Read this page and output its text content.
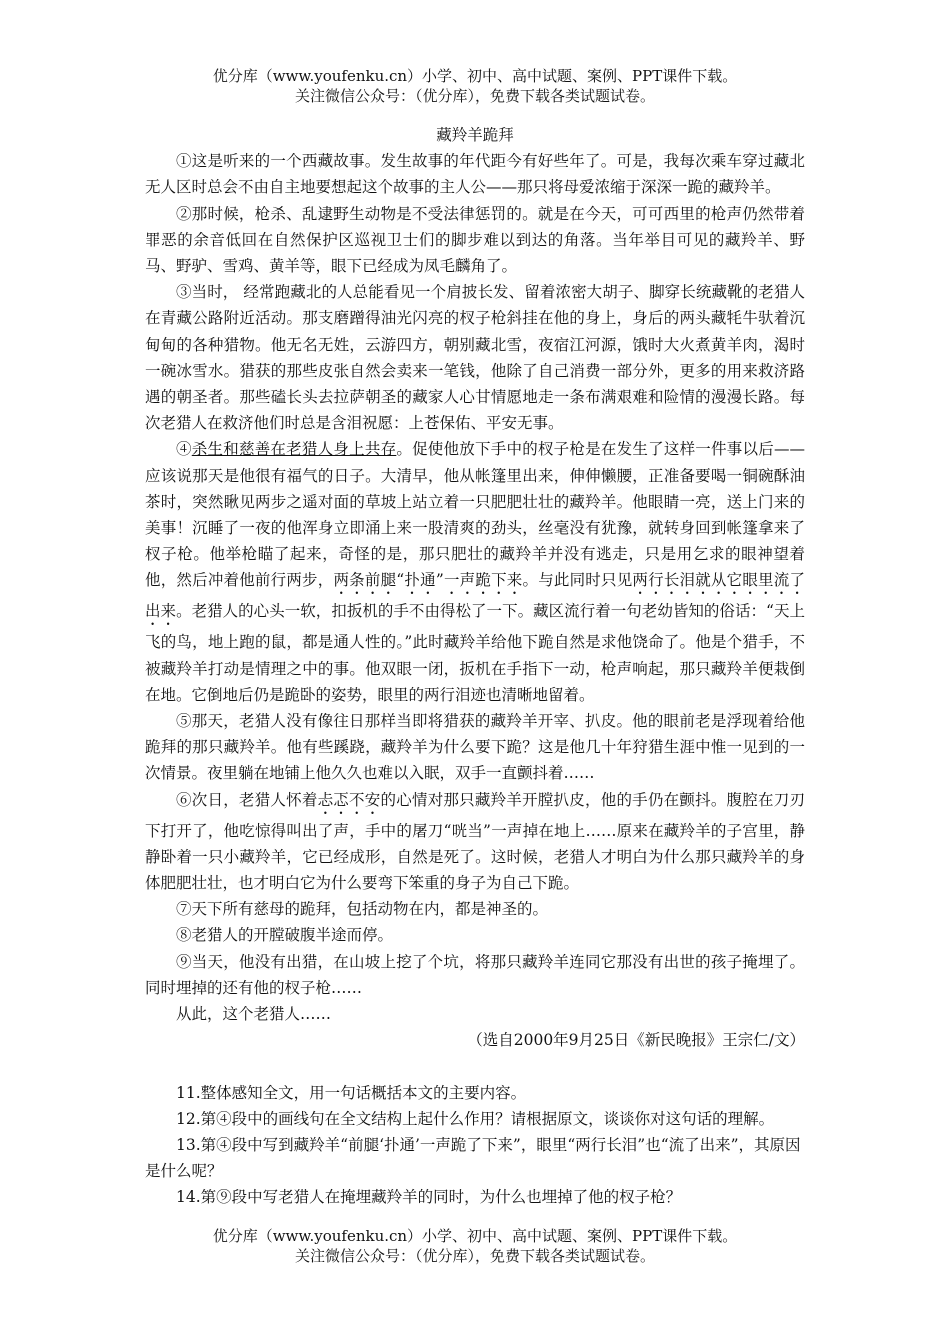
优分库（www.youfenku.cn）小学、初中、高中试题、案例、PPT课件下载。
关注微信公众号：（优分库），免费下载各类试题试卷。
藏羚羊跪拜

①这是听来的一个西藏故事。发生故事的年代距今有好些年了。可是，我每次乘车穿过藏北无人区时总会不由自主地要想起这个故事的主人公——那只将母爱浓缩于深深一跪的藏羚羊。

②那时候，枪杀、乱逮野生动物是不受法律惩罚的。就是在今天，可可西里的枪声仍然带着罪恶的余音低回在自然保护区巡视卫士们的脚步难以到达的角落。当年举目可见的藏羚羊、野马、野驴、雪鸡、黄羊等，眼下已经成为凤毛麟角了。

③当时， 经常跑藏北的人总能看见一个肩披长发、留着浓密大胡子、脚穿长统藏靴的老猎人在青藏公路附近活动。那支磨蹭得油光闪亮的杈子枪斜挂在他的身上，身后的两头藏牦牛驮着沉甸甸的各种猎物。他无名无姓，云游四方，朝别藏北雪，夜宿江河源，饿时大火煮黄羊肉，渴时一碗冰雪水。猎获的那些皮张自然会卖来一笔钱，他除了自己消费一部分外，更多的用来救济路遇的朝圣者。那些磕长头去拉萨朝圣的藏家人心甘情愿地走一条布满艰难和险情的漫漫长路。每次老猎人在救济他们时总是含泪祝愿：上苍保佑、平安无事。

④杀生和慈善在老猎人身上共存。促使他放下手中的杈子枪是在发生了这样一件事以后——应该说那天是他很有福气的日子。大清早，他从帐篷里出来，伸伸懒腰，正准备要喝一铜碗酥油茶时，突然瞅见两步之遥对面的草坡上站立着一只肥肥壮壮的藏羚羊。他眼睛一亮，送上门来的美事！沉睡了一夜的他浑身立即涌上来一股清爽的劲头，丝毫没有犹豫，就转身回到帐篷拿来了杈子枪。他举枪瞄了起来，奇怪的是，那只肥壮的藏羚羊并没有逃走，只是用乞求的眼神望着他，然后冲着他前行两步，两条前腿“扑通”一声跪下来。与此同时只见两行长泪就从它眼里流了出来。老猎人的心头一软，扣扳机的手不由得松了一下。藏区流行着一句老幼皆知的俗话：“天上飞的鸟，地上跑的鼠，都是通人性的。”此时藏羚羊给他下跪自然是求他饶命了。他是个猎手，不被藏羚羊打动是情理之中的事。他双眼一闭，扳机在手指下一动，枪声响起，那只藏羚羊便栽倒在地。它倒地后仍是跪卧的姿势，眼里的两行泪迹也清晰地留着。

⑤那天，老猎人没有像往日那样当即将猎获的藏羚羊开宰、扒皮。他的眼前老是浮现着给他跪拜的那只藏羚羊。他有些蹊跷，藏羚羊为什么要下跪？这是他几十年狩猎生涯中惟一见到的一次情景。夜里躺在地铺上他久久也难以入眠，双手一直颤抖着……

⑥次日，老猎人怀着忐忑不安的心情对那只藏羚羊开膛扒皮，他的手仍在颤抖。腹腔在刀刃下打开了，他吃惊得叫出了声，手中的屠刀“咣当”一声掉在地上……原来在藏羚羊的子宫里，静静卧着一只小藏羚羊，它已经成形，自然是死了。这时候，老猎人才明白为什么那只藏羚羊的身体肥肥壮壮，也才明白它为什么要弯下笨重的身子为自己下跪。

⑦天下所有慈母的跪拜，包括动物在内，都是神圣的。

⑧老猎人的开膛破腹半途而停。

⑨当天，他没有出猎，在山坡上挖了个坑，将那只藏羚羊连同它那没有出世的孩子掩埋了。同时埋掉的还有他的杈子枪……

从此，这个老猎人……

（选自2000年9月25日《新民晚报》王宗仁/文）

11.整体感知全文，用一句话概括本文的主要内容。
12.第④段中的画线句在全文结构上起什么作用？请根据原文，谈谈你对这句话的理解。
13.第④段中写到藏羚羊“前腿‘扑通’一声跪了下来”，眼里“两行长泪”也“流了出来”，其原因是什么呢？
14.第⑨段中写老猎人在掩埋藏羚羊的同时，为什么也埋掉了他的杈子枪？
优分库（www.youfenku.cn）小学、初中、高中试题、案例、PPT课件下载。
关注微信公众号：（优分库），免费下载各类试题试卷。
